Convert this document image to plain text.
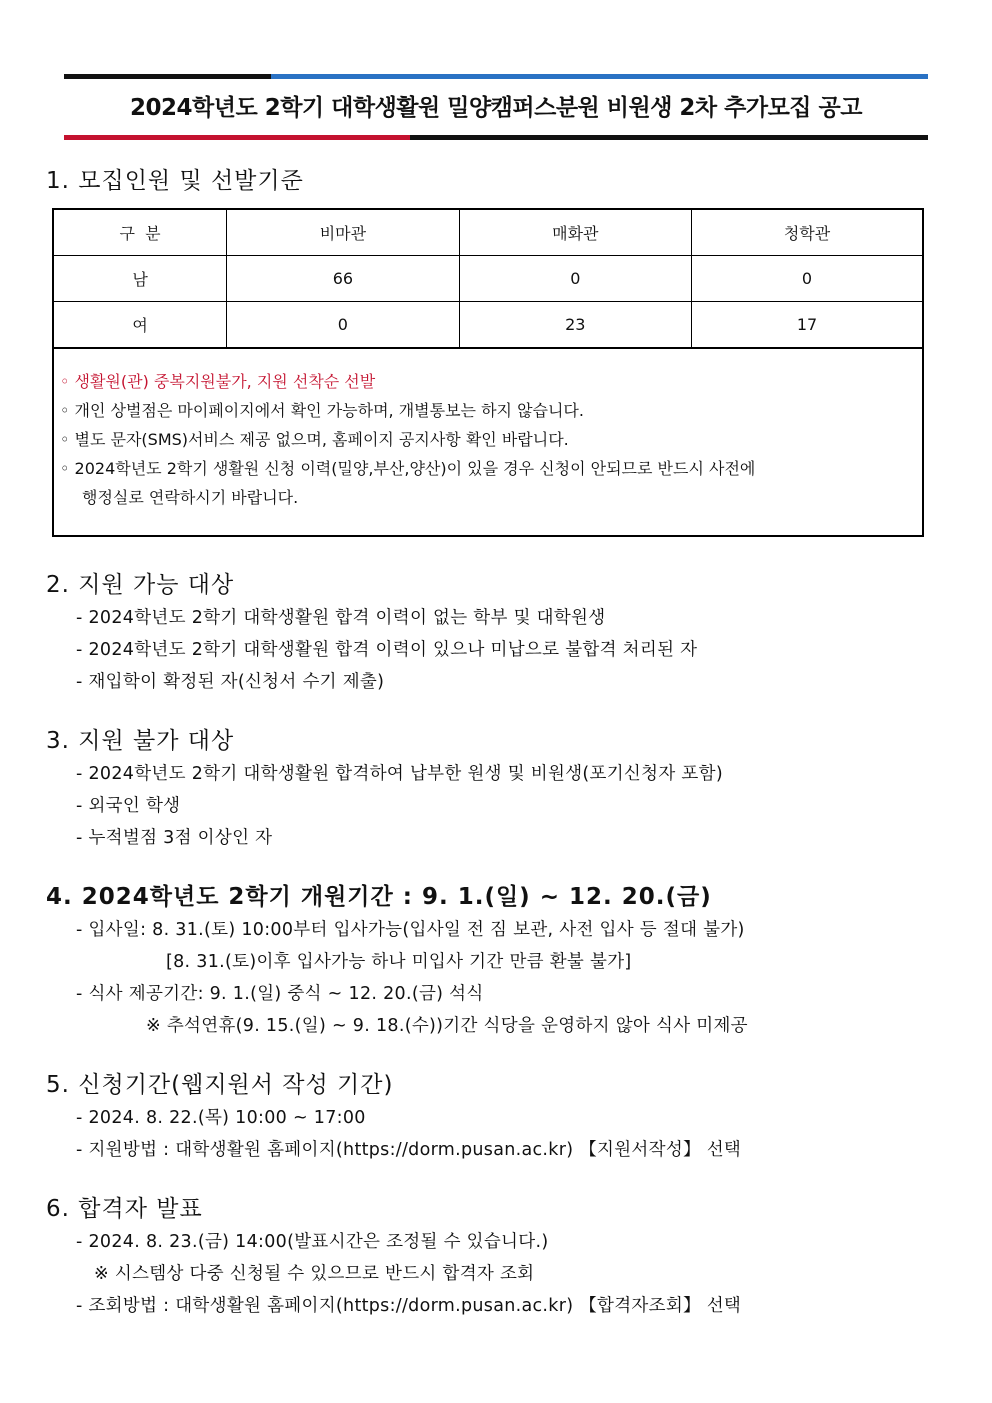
2024학년도 2학기 대학생활원 밀양캠퍼스분원 비원생 2차 추가모집 공고
1. 모집인원 및 선발기준
구  분	비마관	매화관	청학관
남	66	0	0
여	0	23	17
◦ 생활원(관) 중복지원불가, 지원 선착순 선발
◦ 개인 상벌점은 마이페이지에서 확인 가능하며, 개별통보는 하지 않습니다.
◦ 별도 문자(SMS)서비스 제공 없으며, 홈페이지 공지사항 확인 바랍니다.
◦ 2024학년도 2학기 생활원 신청 이력(밀양,부산,양산)이 있을 경우 신청이 안되므로 반드시 사전에
행정실로 연락하시기 바랍니다.
2. 지원 가능 대상
- 2024학년도 2학기 대학생활원 합격 이력이 없는 학부 및 대학원생
- 2024학년도 2학기 대학생활원 합격 이력이 있으나 미납으로 불합격 처리된 자
- 재입학이 확정된 자(신청서 수기 제출)
3. 지원 불가 대상
- 2024학년도 2학기 대학생활원 합격하여 납부한 원생 및 비원생(포기신청자 포함)
- 외국인 학생
- 누적벌점 3점 이상인 자
4. 2024학년도 2학기 개원기간 : 9. 1.(일) ~ 12. 20.(금)
- 입사일: 8. 31.(토) 10:00부터 입사가능(입사일 전 짐 보관, 사전 입사 등 절대 불가)
[8. 31.(토)이후 입사가능 하나 미입사 기간 만큼 환불 불가]
- 식사 제공기간: 9. 1.(일) 중식 ~ 12. 20.(금) 석식
※ 추석연휴(9. 15.(일) ~ 9. 18.(수))기간 식당을 운영하지 않아 식사 미제공
5. 신청기간(웹지원서 작성 기간)
- 2024. 8. 22.(목) 10:00 ~ 17:00
- 지원방법 : 대학생활원 홈페이지(https://dorm.pusan.ac.kr) 【지원서작성】 선택
6. 합격자 발표
- 2024. 8. 23.(금) 14:00(발표시간은 조정될 수 있습니다.)
※ 시스템상 다중 신청될 수 있으므로 반드시 합격자 조회
- 조회방법 : 대학생활원 홈페이지(https://dorm.pusan.ac.kr) 【합격자조회】 선택
